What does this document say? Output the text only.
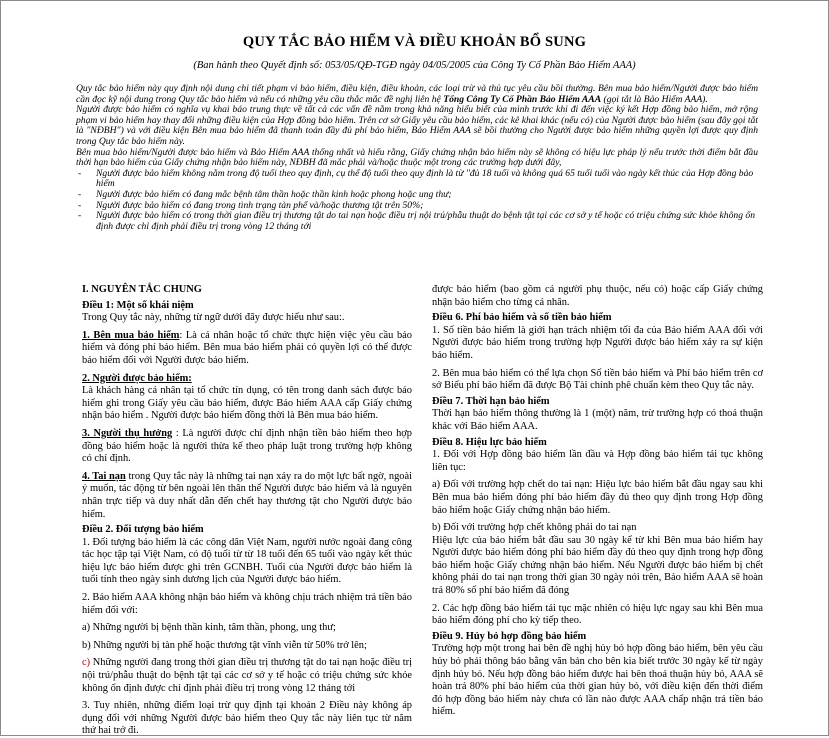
QUY TẮC BẢO HIỂM VÀ ĐIỀU KHOẢN BỔ SUNG
(Ban hành theo Quyết định số: 053/05/QĐ-TGĐ ngày 04/05/2005 của Công Ty Cổ Phần Bảo Hiểm AAA)

Quy tắc bảo hiểm này quy định nội dung chi tiết phạm vi bảo hiểm, điều kiện, điều khoản, các loại trừ và thủ tục yêu cầu bồi thường. Bên mua bảo hiểm/Người được bảo hiểm cần đọc kỹ nội dung trong Quy tắc bảo hiểm và nếu có những yêu cầu thắc mắc đề nghị liên hệ Tổng Công Ty Cổ Phần Bảo Hiểm AAA (gọi tắt là Bảo Hiểm AAA).

Người được bảo hiểm có nghĩa vụ khai báo trung thực về tất cả các vấn đề nằm trong khả năng hiểu biết của mình trước khi đi đến việc ký kết Hợp đồng bảo hiểm, mở rộng phạm vi bảo hiểm hay thay đổi những điều kiện của Hợp đồng bảo hiểm. Trên cơ sở Giấy yêu cầu bảo hiểm, các kê khai khác (nếu có) của Người được bảo hiểm (sau đây gọi tắt là "NĐBH") và với điều kiện Bên mua bảo hiểm đã thanh toán đầy đủ phí bảo hiểm, Bảo Hiểm AAA sẽ bồi thường cho Người được bảo hiểm những quyền lợi được quy định trong Quy tắc bảo hiểm này.

Bên mua bảo hiểm/Người được bảo hiểm và Bảo Hiểm AAA thống nhất và hiểu rằng, Giấy chứng nhận bảo hiểm này sẽ không có hiệu lực pháp lý nếu trước thời điểm bắt đầu thời hạn bảo hiểm của Giấy chứng nhận bảo hiểm này, NĐBH đã mắc phải và/hoặc thuộc một trong các trường hợp dưới đây,

- Người được bảo hiểm không nằm trong độ tuổi theo quy định, cụ thể độ tuổi theo quy định là từ "đủ 18 tuổi và không quá 65 tuổi tuổi vào ngày kết thúc của Hợp đồng bảo hiểm
- Người được bảo hiểm có đang mắc bệnh tâm thần hoặc thần kinh hoặc phong hoặc ung thư;
- Người được bảo hiểm có đang trong tình trạng tàn phế và/hoặc thương tật trên 50%;
- Người được bảo hiểm có trong thời gian điều trị thương tật do tai nạn hoặc điều trị nội trú/phẫu thuật do bệnh tật tại các cơ sở y tế hoặc có triệu chứng sức khỏe không ổn định được chỉ định phải điều trị trong vòng 12 tháng tới

I. NGUYÊN TẮC CHUNG

Điều 1: Một số khái niệm

Trong Quy tắc này, những từ ngữ dưới đây được hiểu như sau:.

1. Bên mua bảo hiểm: Là cá nhân hoặc tổ chức thực hiện việc yêu cầu bảo hiểm và đóng phí bảo hiểm. Bên mua bảo hiểm phải có quyền lợi có thể được bảo hiểm đối với Người được bảo hiểm.

2. Người được bảo hiểm:

Là khách hàng cá nhân tại tổ chức tín dụng, có tên trong danh sách được bảo hiểm ghi trong Giấy yêu cầu bảo hiểm, được Bảo hiểm AAA cấp Giấy chứng nhận bảo hiểm . Người được bảo hiểm đồng thời là Bên mua bảo hiểm.

3. Người thụ hưởng : Là người được chỉ định nhận tiền bảo hiểm theo hợp đồng bảo hiểm hoặc là người thừa kế theo pháp luật trong trường hợp không có chỉ định.

4. Tai nạn trong Quy tắc này là những tai nạn xảy ra do một lực bất ngờ, ngoài ý muốn, tác động từ bên ngoài lên thân thể Người được bảo hiểm và là nguyên nhân trực tiếp và duy nhất dẫn đến chết hay thương tật cho Người được bảo hiểm.

Điều 2. Đối tượng bảo hiểm

1. Đối tượng bảo hiểm là các công dân Việt Nam, người nước ngoài đang công tác học tập tại Việt Nam, có độ tuổi từ từ 18 tuổi đến 65 tuổi vào ngày kết thúc hiệu lực bảo hiểm được ghi trên GCNBH. Tuổi của Người được bảo hiểm là tuổi tính theo ngày sinh dương lịch của Người được bảo hiểm.

2. Bảo hiểm AAA không nhận bảo hiểm và không chịu trách nhiệm trả tiền bảo hiểm đối với:

a) Những người bị bệnh thần kinh, tâm thần, phong, ung thư;

b) Những người bị tàn phế hoặc thương tật vĩnh viễn từ 50% trở lên;

c) Những người đang trong thời gian điều trị thương tật do tai nạn hoặc điều trị nội trú/phẫu thuật do bệnh tật tại các cơ sở y tế hoặc có triệu chứng sức khỏe không ổn định được chỉ định phải điều trị trong vòng 12 tháng tới

3. Tuy nhiên, những điểm loại trừ quy định tại khoản 2 Điều này không áp dụng đối với những Người được bảo hiểm theo Quy tắc này liên tục từ năm thứ hai trở đi.

được bảo hiểm (bao gồm cả người phụ thuộc, nếu có) hoặc cấp Giấy chứng nhận bảo hiểm cho từng cá nhân.

Điều 6. Phí bảo hiểm và số tiền bảo hiểm

1. Số tiền bảo hiểm là giới hạn trách nhiệm tối đa của Bảo hiểm AAA đối với Người được bảo hiểm trong trường hợp Người được bảo hiểm xảy ra sự kiện bảo hiểm.

2. Bên mua bảo hiểm có thể lựa chọn Số tiền bảo hiểm và Phí bảo hiểm trên cơ sở Biểu phí bảo hiểm đã được Bộ Tài chính phê chuẩn kèm theo Quy tắc này.

Điều 7. Thời hạn bảo hiểm

Thời hạn bảo hiểm thông thường là 1 (một) năm, trừ trường hợp có thoả thuận khác với Bảo hiểm AAA.

Điều 8. Hiệu lực bảo hiểm

1. Đối với Hợp đồng bảo hiểm lần đầu và Hợp đồng bảo hiểm tái tục không liên tục:

a) Đối với trường hợp chết do tai nạn: Hiệu lực bảo hiểm bắt đầu ngay sau khi Bên mua bảo hiểm đóng phí bảo hiểm đầy đủ theo quy định trong Hợp đồng bảo hiểm hoặc Giấy chứng nhận bảo hiểm.

b) Đối với trường hợp chết không phải do tai nạn

Hiệu lực của bảo hiểm bắt đầu sau 30 ngày kể từ khi Bên mua bảo hiểm hay Người được bảo hiểm đóng phí bảo hiểm đầy đủ theo quy định trong hợp đồng bảo hiểm hoặc Giấy chứng nhận bảo hiểm. Nếu Người được bảo hiểm bị chết không phải do tai nạn trong thời gian 30 ngày nói trên, Bảo hiểm AAA sẽ hoàn trả 80% số phí bảo hiểm đã đóng

2. Các hợp đồng bảo hiểm tái tục mặc nhiên có hiệu lực ngay sau khi Bên mua bảo hiểm đóng phí cho kỳ tiếp theo.

Điều 9. Hủy bỏ hợp đồng bảo hiểm

Trường hợp một trong hai bên đề nghị hủy bỏ hợp đồng bảo hiểm, bên yêu cầu hủy bỏ phải thông báo bằng văn bản cho bên kia biết trước 30 ngày kể từ ngày định hủy bỏ. Nếu hợp đồng bảo hiểm được hai bên thoả thuận hủy bỏ, AAA sẽ hoàn trả 80% phí bảo hiểm của thời gian hủy bỏ, với điều kiện đến thời điểm đó hợp đồng bảo hiểm này chưa có lần nào được AAA chấp nhận trả tiền bảo hiểm.
